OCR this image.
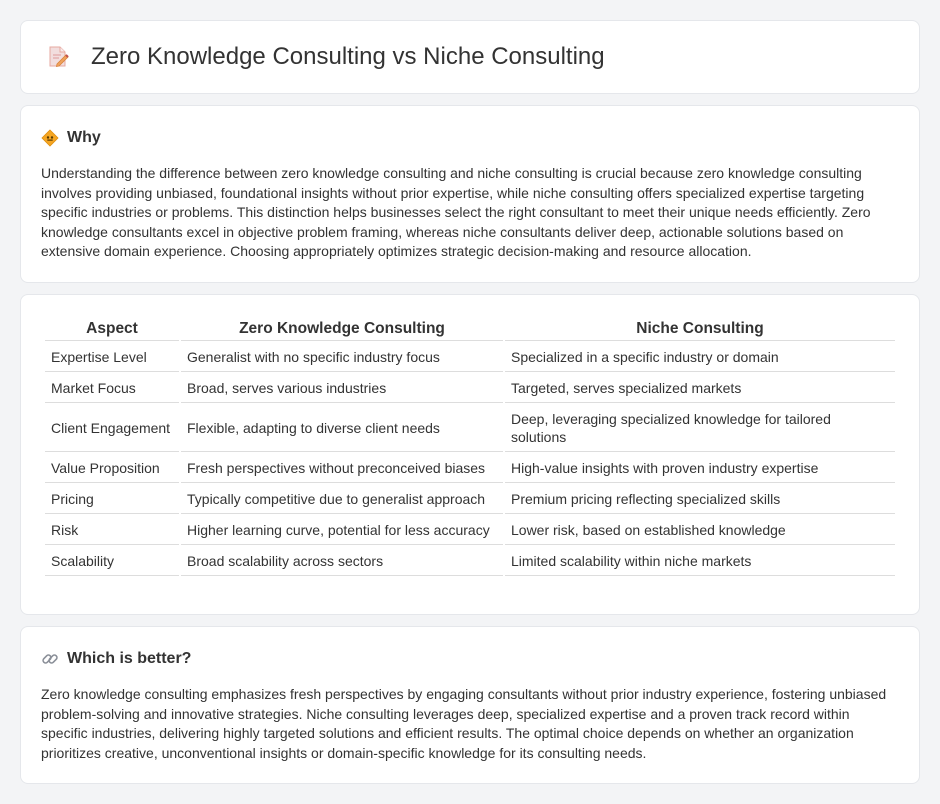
Zero Knowledge Consulting vs Niche Consulting
Why

Understanding the difference between zero knowledge consulting and niche consulting is crucial because zero knowledge consulting involves providing unbiased, foundational insights without prior expertise, while niche consulting offers specialized expertise targeting specific industries or problems. This distinction helps businesses select the right consultant to meet their unique needs efficiently. Zero knowledge consultants excel in objective problem framing, whereas niche consultants deliver deep, actionable solutions based on extensive domain experience. Choosing appropriately optimizes strategic decision-making and resource allocation.

Aspect	Zero Knowledge Consulting	Niche Consulting
Expertise Level	Generalist with no specific industry focus	Specialized in a specific industry or domain
Market Focus	Broad, serves various industries	Targeted, serves specialized markets
Client Engagement	Flexible, adapting to diverse client needs	Deep, leveraging specialized knowledge for tailored solutions
Value Proposition	Fresh perspectives without preconceived biases	High-value insights with proven industry expertise
Pricing	Typically competitive due to generalist approach	Premium pricing reflecting specialized skills
Risk	Higher learning curve, potential for less accuracy	Lower risk, based on established knowledge
Scalability	Broad scalability across sectors	Limited scalability within niche markets
Which is better?

Zero knowledge consulting emphasizes fresh perspectives by engaging consultants without prior industry experience, fostering unbiased problem-solving and innovative strategies. Niche consulting leverages deep, specialized expertise and a proven track record within specific industries, delivering highly targeted solutions and efficient results. The optimal choice depends on whether an organization prioritizes creative, unconventional insights or domain-specific knowledge for its consulting needs.
